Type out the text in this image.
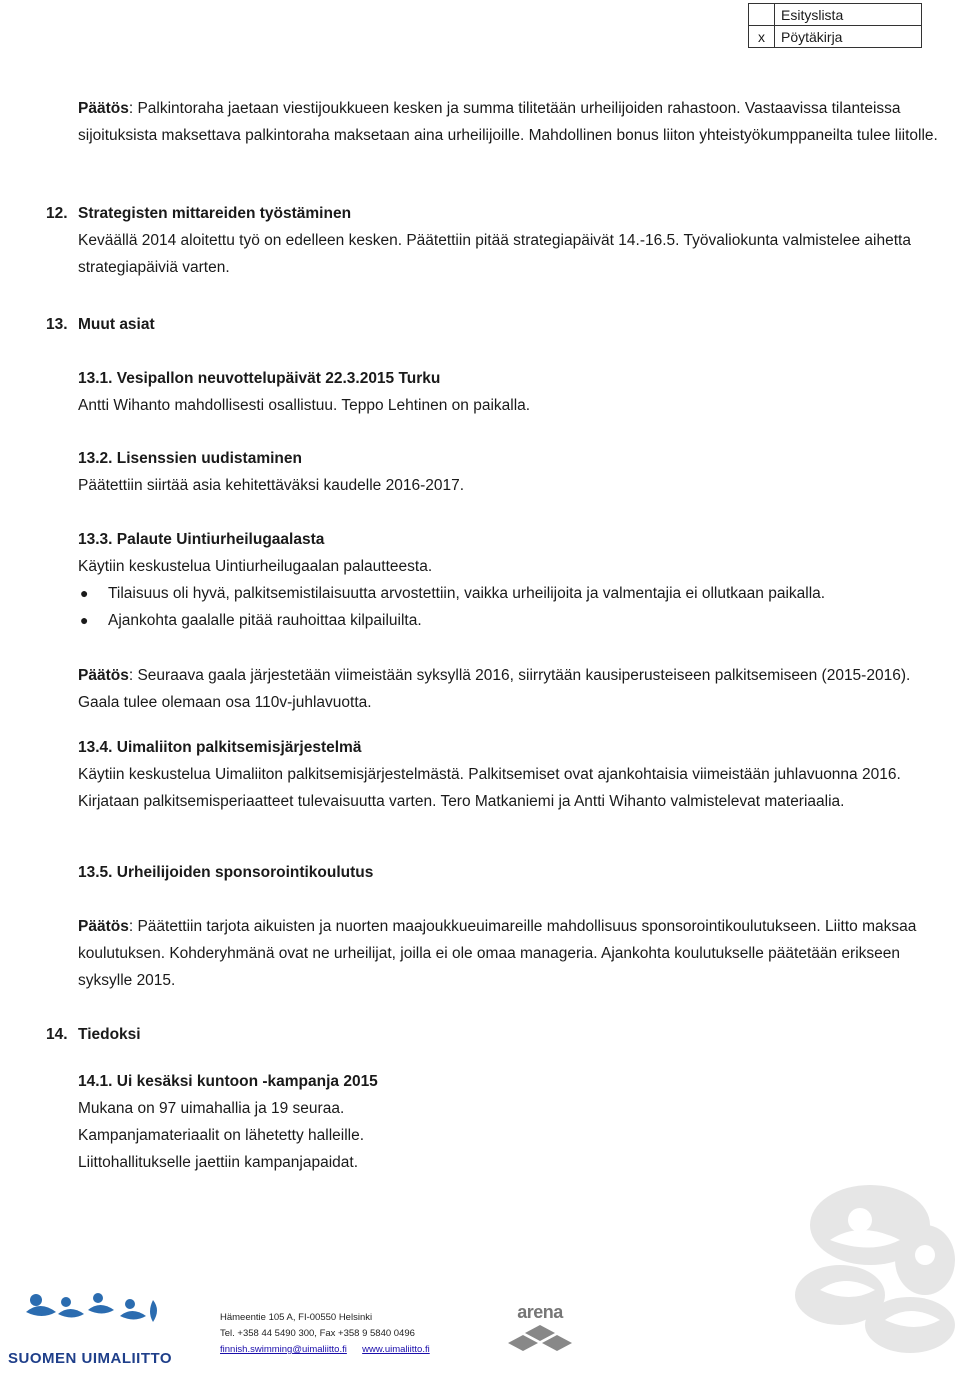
	Esityslista
x	Pöytäkirja
Päätös: Palkintoraha jaetaan viestijoukkueen kesken ja summa tilitetään urheilijoiden rahastoon. Vastaavissa tilanteissa sijoituksista maksettava palkintoraha maksetaan aina urheilijoille. Mahdollinen bonus liiton yhteistyökumppaneilta tulee liitolle.
12. Strategisten mittareiden työstäminen
Keväällä 2014 aloitettu työ on edelleen kesken. Päätettiin pitää strategiapäivät 14.-16.5. Työvaliokunta valmistelee aihetta strategiapäiviä varten.
13. Muut asiat
13.1. Vesipallon neuvottelupäivät 22.3.2015 Turku
Antti Wihanto mahdollisesti osallistuu. Teppo Lehtinen on paikalla.
13.2. Lisenssien uudistaminen
Päätettiin siirtää asia kehitettäväksi kaudelle 2016-2017.
13.3. Palaute Uintiurheilugaalasta
Käytiin keskustelua Uintiurheilugaalan palautteesta.
● Tilaisuus oli hyvä, palkitsemistilaisuutta arvostettiin, vaikka urheilijoita ja valmentajia ei ollutkaan paikalla.
● Ajankohta gaalalle pitää rauhoittaa kilpailuilta.
Päätös: Seuraava gaala järjestetään viimeistään syksyllä 2016, siirrytään kausiperusteiseen palkitsemiseen (2015-2016). Gaala tulee olemaan osa 110v-juhlavuotta.
13.4. Uimaliiton palkitsemisjärjestelmä
Käytiin keskustelua Uimaliiton palkitsemisjärjestelmästä. Palkitsemiset ovat ajankohtaisia viimeistään juhlavuonna 2016. Kirjataan palkitsemisperiaatteet tulevaisuutta varten. Tero Matkaniemi ja Antti Wihanto valmistelevat materiaalia.
13.5. Urheilijoiden sponsorointikoulutus
Päätös: Päätettiin tarjota aikuisten ja nuorten maajoukkueuimareille mahdollisuus sponsorointikoulutukseen. Liitto maksaa koulutuksen. Kohderyhmänä ovat ne urheilijat, joilla ei ole omaa manageria. Ajankohta koulutukselle päätetään erikseen syksylle 2015.
14. Tiedoksi
14.1. Ui kesäksi kuntoon -kampanja 2015
Mukana on 97 uimahallia ja 19 seuraa.
Kampanjamateriaalit on lähetetty halleille.
Liittohallitukselle jaettiin kampanjapaidat.
SUOMEN UIMALIITTO
Hämeentie 105 A, FI-00550 Helsinki
Tel. +358 44 5490 300, Fax +358 9 5840 0496
finnish.swimming@uimaliitto.fi www.uimaliitto.fi
arena
